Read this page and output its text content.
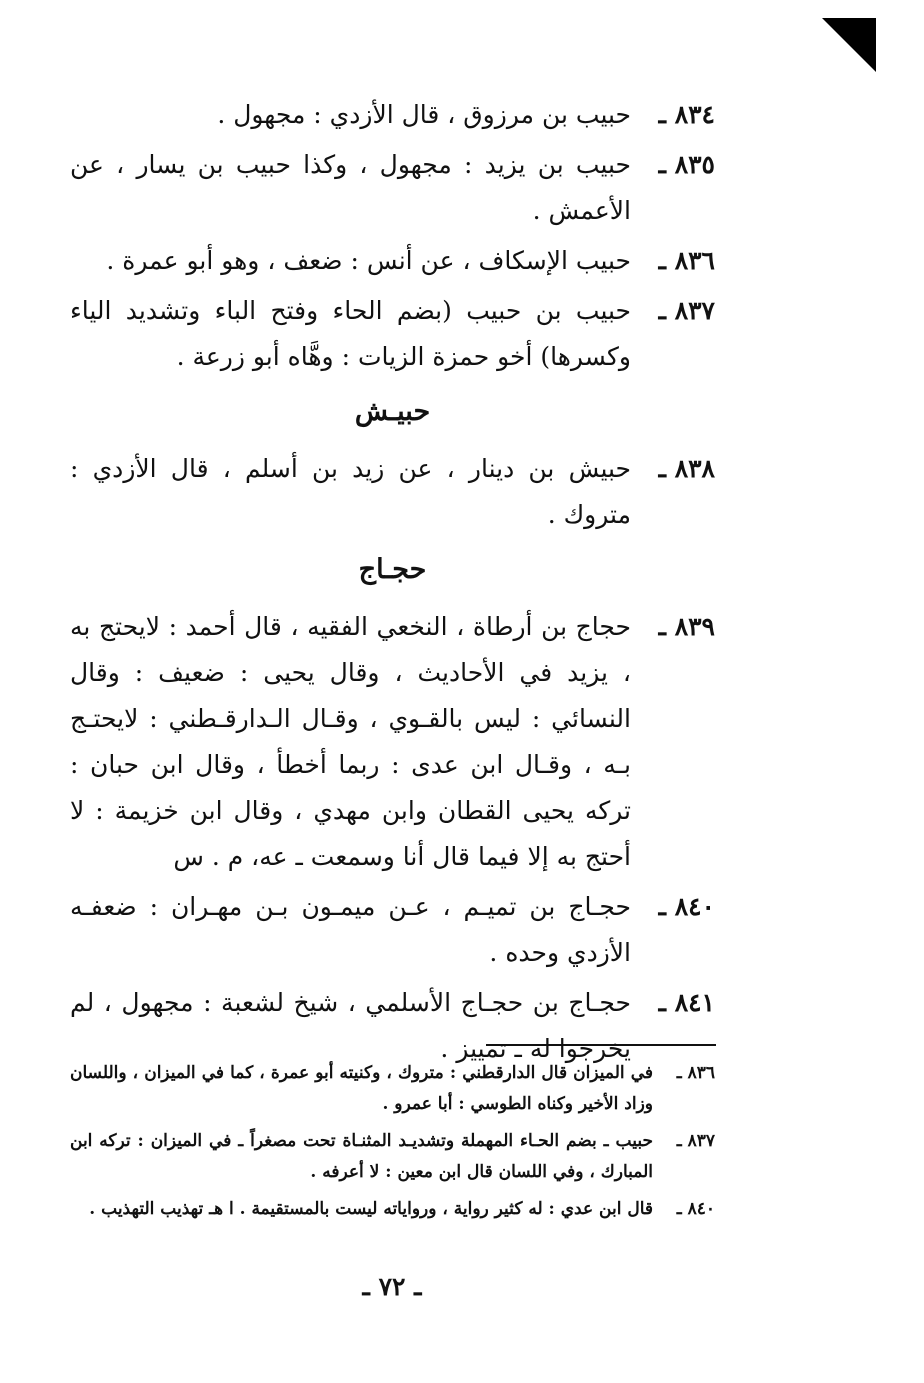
٨٣٤ ـ
حبيب بن مرزوق ، قال الأزدي : مجهول .
٨٣٥ ـ
حبيب بن يزيد : مجهول ، وكذا حبيب بن يسار ، عن الأعمش .
٨٣٦ ـ
حبيب الإسكاف ، عن أنس : ضعف ، وهو أبو عمرة .
٨٣٧ ـ
حبيب بن حبيب (بضم الحاء وفتح الباء وتشديد الياء وكسرها) أخو حمزة الزيات : وهَّاه أبو زرعة .
حبيـش
٨٣٨ ـ
حبيش بن دينار ، عن زيد بن أسلم ، قال الأزدي : متروك .
حجـاج
٨٣٩ ـ
حجاج بن أرطاة ، النخعي الفقيه ، قال أحمد : لايحتج به ، يزيد في الأحاديث ، وقال يحيى : ضعيف : وقال النسائي : ليس بالقـوي ، وقـال الـدارقـطني : لايحتـج بـه ، وقـال ابن عدى : ربما أخطأ ، وقال ابن حبان : تركه يحيى القطان وابن مهدي ، وقال ابن خزيمة : لا أحتج به إلا فيما قال أنا وسمعت ـ عه، م . س
٨٤٠ ـ
حجـاج بن تميـم ، عـن ميمـون بـن مهـران : ضعفـه الأزدي وحده .
٨٤١ ـ
حجـاج بن حجـاج الأسلمي ، شيخ لشعبة : مجهول ، لم يخرجوا له ـ تمييز .
٨٣٦ ـ
في الميزان قال الدارقطني : متروك ، وكنيته أبو عمرة ، كما في الميزان ، واللسان وزاد الأخير وكناه الطوسي : أبا عمرو .
٨٣٧ ـ
حبيب ـ بضم الحـاء المهملة وتشديـد المثنـاة تحت مصغراً ـ في الميزان : تركه ابن المبارك ، وفي اللسان قال ابن معين : لا أعرفه .
٨٤٠ ـ
قال ابن عدي : له كثير رواية ، ورواياته ليست بالمستقيمة . ا هـ تهذيب التهذيب .
ـ ٧٢ ـ
